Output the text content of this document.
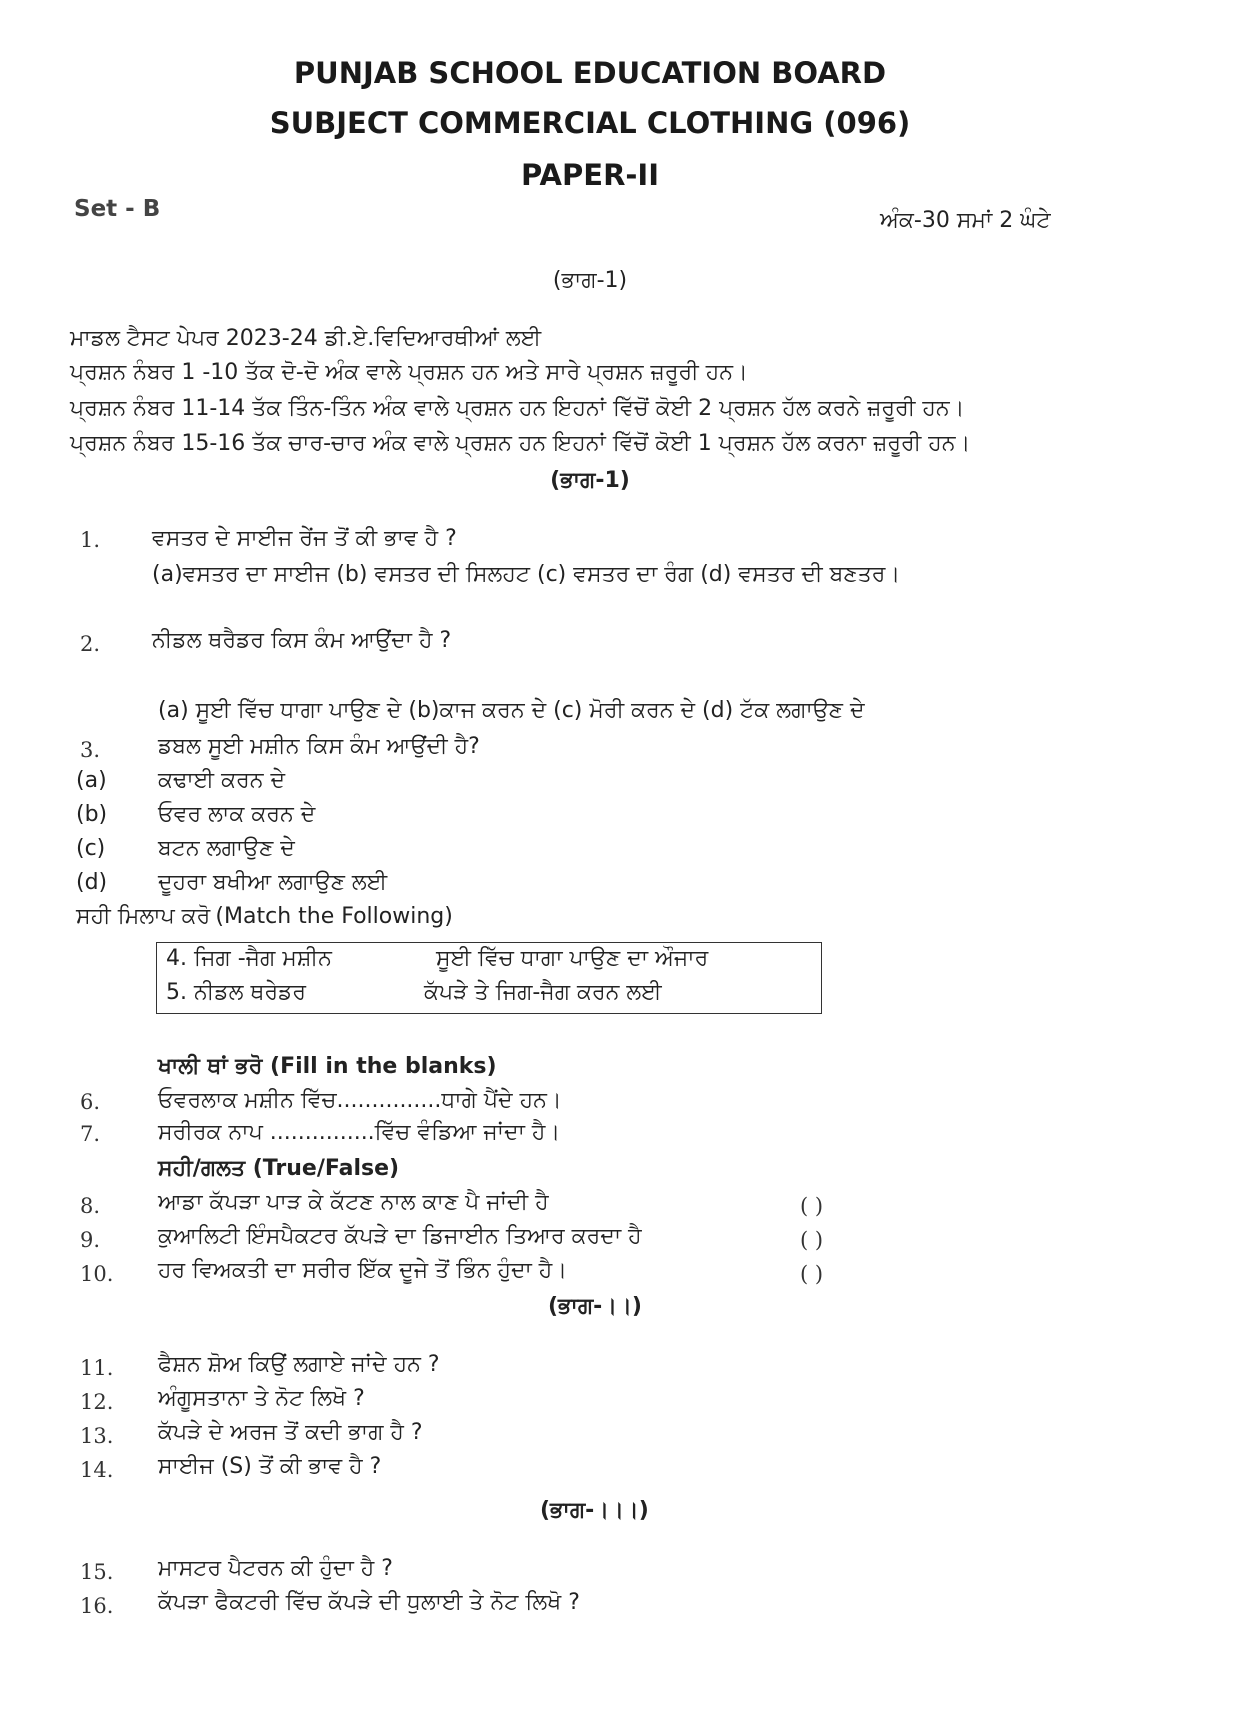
PUNJAB SCHOOL EDUCATION BOARD
SUBJECT COMMERCIAL CLOTHING (096)
PAPER-II
Set - B	ਅੰਕ-30 ਸਮਾਂ 2 ਘੰਟੇ
(ਭਾਗ-1)
ਮਾਡਲ ਟੈਸਟ ਪੇਪਰ 2023-24 ਡੀ.ਏ.ਵਿਦਿਆਰਥੀਆਂ ਲਈ
ਪ੍ਰਸ਼ਨ ਨੰਬਰ 1 -10 ਤੱਕ ਦੋ-ਦੋ ਅੰਕ ਵਾਲੇ ਪ੍ਰਸ਼ਨ ਹਨ ਅਤੇ ਸਾਰੇ ਪ੍ਰਸ਼ਨ ਜ਼ਰੂਰੀ ਹਨ।
ਪ੍ਰਸ਼ਨ ਨੰਬਰ 11-14 ਤੱਕ ਤਿੰਨ-ਤਿੰਨ ਅੰਕ ਵਾਲੇ ਪ੍ਰਸ਼ਨ ਹਨ ਇਹਨਾਂ ਵਿੱਚੋਂ ਕੋਈ 2 ਪ੍ਰਸ਼ਨ ਹੱਲ ਕਰਨੇ ਜ਼ਰੂਰੀ ਹਨ।
ਪ੍ਰਸ਼ਨ ਨੰਬਰ 15-16 ਤੱਕ ਚਾਰ-ਚਾਰ ਅੰਕ ਵਾਲੇ ਪ੍ਰਸ਼ਨ ਹਨ ਇਹਨਾਂ ਵਿੱਚੋਂ ਕੋਈ 1 ਪ੍ਰਸ਼ਨ ਹੱਲ ਕਰਨਾ ਜ਼ਰੂਰੀ ਹਨ।
(ਭਾਗ-1)
1. ਵਸਤਰ ਦੇ ਸਾਈਜ ਰੇਂਜ ਤੋਂ ਕੀ ਭਾਵ ਹੈ ?
(a)ਵਸਤਰ ਦਾ ਸਾਈਜ (b) ਵਸਤਰ ਦੀ ਸਿਲਹਟ (c) ਵਸਤਰ ਦਾ ਰੰਗ (d) ਵਸਤਰ ਦੀ ਬਣਤਰ।
2. ਨੀਡਲ ਥਰੈਡਰ ਕਿਸ ਕੰਮ ਆਉਂਦਾ ਹੈ ?
(a) ਸੂਈ ਵਿੱਚ ਧਾਗਾ ਪਾਉਣ ਦੇ (b)ਕਾਜ ਕਰਨ ਦੇ (c) ਮੋਰੀ ਕਰਨ ਦੇ (d) ਟੱਕ ਲਗਾਉਣ ਦੇ
3.	ਡਬਲ ਸੂਈ ਮਸ਼ੀਨ ਕਿਸ ਕੰਮ ਆਉਂਦੀ ਹੈ?
(a) ਕਢਾਈ ਕਰਨ ਦੇ
(b) ਓਵਰ ਲਾਕ ਕਰਨ ਦੇ
(c) ਬਟਨ ਲਗਾਉਣ ਦੇ
(d) ਦੂਹਰਾ ਬਖੀਆ ਲਗਾਉਣ ਲਈ
ਸਹੀ ਮਿਲਾਪ ਕਰੋ (Match the Following)
4. ਜਿਗ -ਜੈਗ ਮਸ਼ੀਨ	ਸੂਈ ਵਿੱਚ ਧਾਗਾ ਪਾਉਣ ਦਾ ਔਜਾਰ
5. ਨੀਡਲ ਥਰੇਡਰ	ਕੱਪੜੇ ਤੇ ਜਿਗ-ਜੈਗ ਕਰਨ ਲਈ
ਖਾਲੀ ਥਾਂ ਭਰੋ (Fill in the blanks)
6.	ਓਵਰਲਾਕ ਮਸ਼ੀਨ ਵਿੱਚ...............ਧਾਗੇ ਪੈਂਦੇ ਹਨ।
7.	ਸਰੀਰਕ ਨਾਪ ...............ਵਿੱਚ ਵੰਡਿਆ ਜਾਂਦਾ ਹੈ।
ਸਹੀ/ਗਲਤ (True/False)
8.	ਆਡਾ ਕੱਪੜਾ ਪਾੜ ਕੇ ਕੱਟਣ ਨਾਲ ਕਾਣ ਪੈ ਜਾਂਦੀ ਹੈ	( )
9.	ਕੁਆਲਿਟੀ ਇੰਸਪੈਕਟਰ ਕੱਪੜੇ ਦਾ ਡਿਜਾਈਨ ਤਿਆਰ ਕਰਦਾ ਹੈ	( )
10. ਹਰ ਵਿਅਕਤੀ ਦਾ ਸਰੀਰ ਇੱਕ ਦੂਜੇ ਤੋਂ ਭਿੰਨ ਹੁੰਦਾ ਹੈ।	( )
(ਭਾਗ-।।)
11. ਫੈਸ਼ਨ ਸ਼ੋਅ ਕਿਉਂ ਲਗਾਏ ਜਾਂਦੇ ਹਨ ?
12. ਅੰਗੂਸਤਾਨਾ ਤੇ ਨੋਟ ਲਿਖੋ ?
13. ਕੱਪੜੇ ਦੇ ਅਰਜ ਤੋਂ ਕਦੀ ਭਾਗ ਹੈ ?
14. ਸਾਈਜ (S) ਤੋਂ ਕੀ ਭਾਵ ਹੈ ?
(ਭਾਗ-।।।)
15. ਮਾਸਟਰ ਪੈਟਰਨ ਕੀ ਹੁੰਦਾ ਹੈ ?
16. ਕੱਪੜਾ ਫੈਕਟਰੀ ਵਿੱਚ ਕੱਪੜੇ ਦੀ ਧੁਲਾਈ ਤੇ ਨੋਟ ਲਿਖੋ ?
